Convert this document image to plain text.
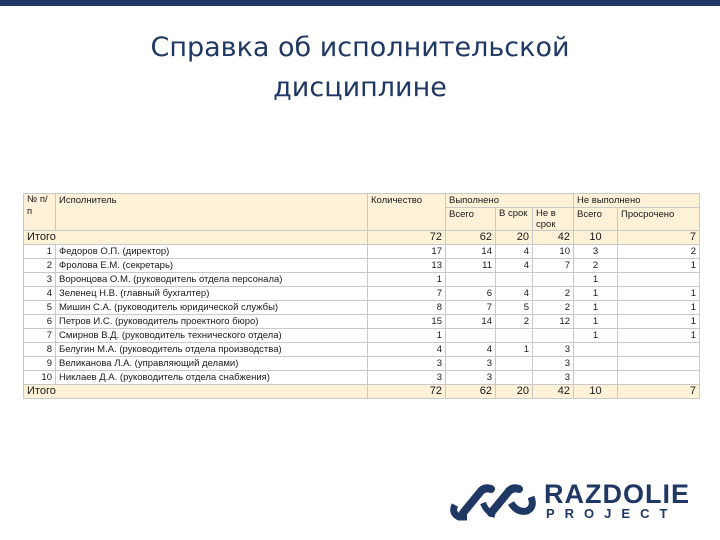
Справка об исполнительской
дисциплине
№ п/п	Исполнитель	Количество	Выполнено			Не выполнено	
			Всего	В срок	Не в срок	Всего	Просрочено
Итого		72	62	20	42	10	7
1	Федоров О.П. (директор)	17	14	4	10	3	2
2	Фролова Е.М. (секретарь)	13	11	4	7	2	1
3	Воронцова О.М. (руководитель отдела персонала)	1				1	
4	Зеленец Н.В. (главный бухгалтер)	7	6	4	2	1	1
5	Мишин С.А. (руководитель юридической службы)	8	7	5	2	1	1
6	Петров И.С. (руководитель проектного бюро)	15	14	2	12	1	1
7	Смирнов В.Д. (руководитель технического отдела)	1				1	1
8	Белугин М.А. (руководитель отдела производства)	4	4	1	3		
9	Великанова Л.А. (управляющий делами)	3	3		3		
10	Никлаев Д.А. (руководитель отдела снабжения)	3	3		3		
Итого		72	62	20	42	10	7
RAZDOLIE
PROJECT
